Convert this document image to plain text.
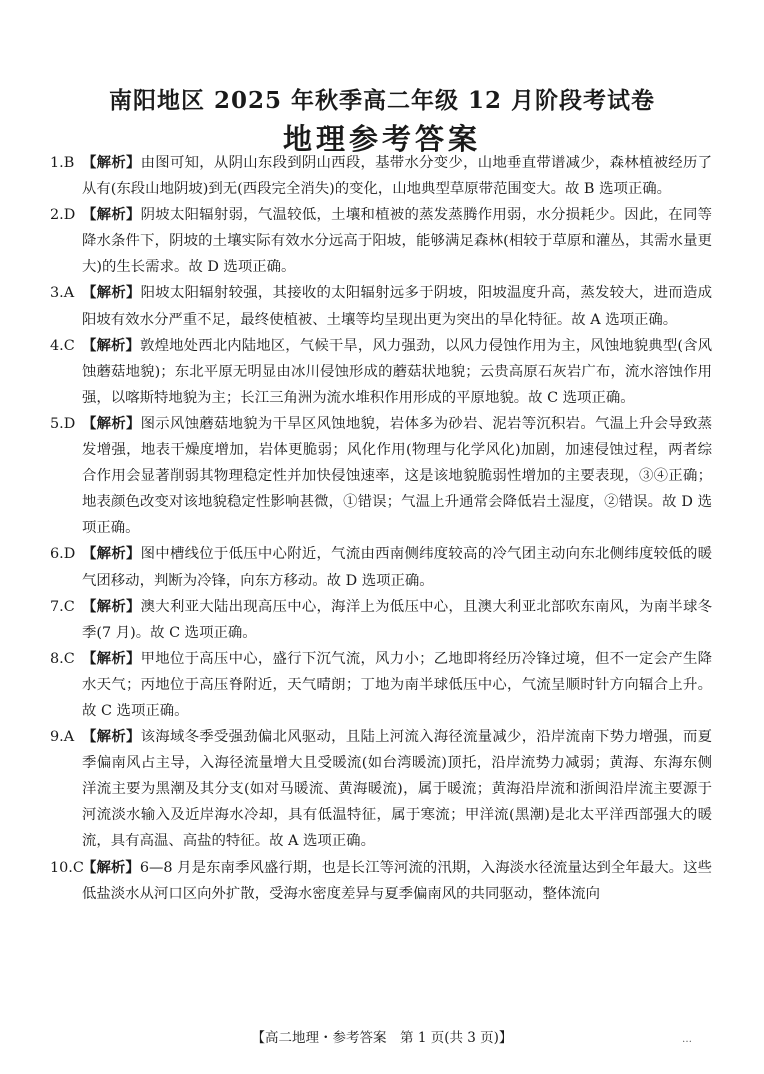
南阳地区 2025 年秋季高二年级 12 月阶段考试卷
地理参考答案

1.B 【解析】由图可知，从阴山东段到阴山西段，基带水分变少，山地垂直带谱减少，森林植被经历了从有(东段山地阴坡)到无(西段完全消失)的变化，山地典型草原带范围变大。故 B 选项正确。

2.D 【解析】阴坡太阳辐射弱，气温较低，土壤和植被的蒸发蒸腾作用弱，水分损耗少。因此，在同等降水条件下，阴坡的土壤实际有效水分远高于阳坡，能够满足森林(相较于草原和灌丛，其需水量更大)的生长需求。故 D 选项正确。

3.A 【解析】阳坡太阳辐射较强，其接收的太阳辐射远多于阴坡，阳坡温度升高，蒸发较大，进而造成阳坡有效水分严重不足，最终使植被、土壤等均呈现出更为突出的旱化特征。故 A 选项正确。

4.C 【解析】敦煌地处西北内陆地区，气候干旱，风力强劲，以风力侵蚀作用为主，风蚀地貌典型(含风蚀蘑菇地貌)；东北平原无明显由冰川侵蚀形成的蘑菇状地貌；云贵高原石灰岩广布，流水溶蚀作用强，以喀斯特地貌为主；长江三角洲为流水堆积作用形成的平原地貌。故 C 选项正确。

5.D 【解析】图示风蚀蘑菇地貌为干旱区风蚀地貌，岩体多为砂岩、泥岩等沉积岩。气温上升会导致蒸发增强，地表干燥度增加，岩体更脆弱；风化作用(物理与化学风化)加剧，加速侵蚀过程，两者综合作用会显著削弱其物理稳定性并加快侵蚀速率，这是该地貌脆弱性增加的主要表现，③④正确；地表颜色改变对该地貌稳定性影响甚微，①错误；气温上升通常会降低岩土湿度，②错误。故 D 选项正确。

6.D 【解析】图中槽线位于低压中心附近，气流由西南侧纬度较高的冷气团主动向东北侧纬度较低的暖气团移动，判断为冷锋，向东方移动。故 D 选项正确。

7.C 【解析】澳大利亚大陆出现高压中心，海洋上为低压中心，且澳大利亚北部吹东南风，为南半球冬季(7 月)。故 C 选项正确。

8.C 【解析】甲地位于高压中心，盛行下沉气流，风力小；乙地即将经历冷锋过境，但不一定会产生降水天气；丙地位于高压脊附近，天气晴朗；丁地为南半球低压中心，气流呈顺时针方向辐合上升。故 C 选项正确。

9.A 【解析】该海域冬季受强劲偏北风驱动，且陆上河流入海径流量减少，沿岸流南下势力增强，而夏季偏南风占主导，入海径流量增大且受暖流(如台湾暖流)顶托，沿岸流势力减弱；黄海、东海东侧洋流主要为黑潮及其分支(如对马暖流、黄海暖流)，属于暖流；黄海沿岸流和浙闽沿岸流主要源于河流淡水输入及近岸海水冷却，具有低温特征，属于寒流；甲洋流(黑潮)是北太平洋西部强大的暖流，具有高温、高盐的特征。故 A 选项正确。

10.C
【解析】6—8 月是东南季风盛行期，也是长江等河流的汛期，入海淡水径流量达到全年最大。这些低盐淡水从河口区向外扩散，受海水密度差异与夏季偏南风的共同驱动，整体流向

【高二地理・参考答案　第 1 页(共 3 页)】	…
